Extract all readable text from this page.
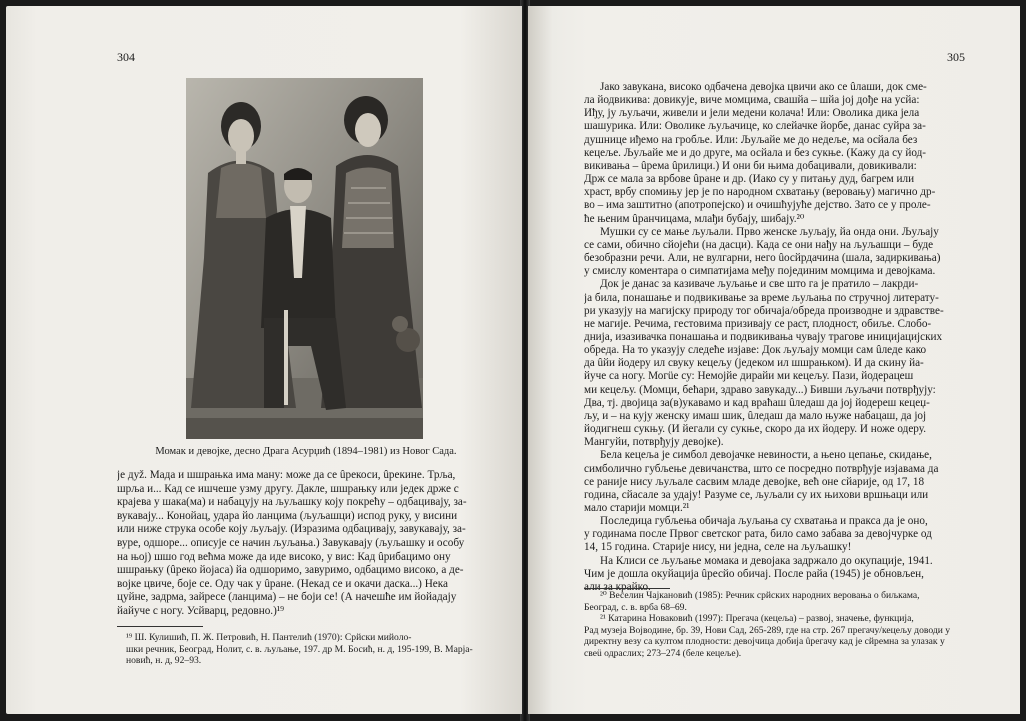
304
Момак и девојке, десно Драга Асурџић (1894–1981) из Новог Сада.
је дуž. Мада и шшрањка има ману: може да се ûрекоси, ûрекине. Трља,
шрља и... Кад се ишчеше узму другу. Дакле, шшрањку или једек држе с
крајева у шака(ма) и набацују на љуљашку коју покрећу – одбацивају, за-
вукавају... Конойац, удара йо ланцима (љуљашци) испод руку, у висини
или ниже струка особе коју љуљају. (Изразима одбацивају, завукавају, за-
вуре, одшоре... описује се начин љуљања.) Завукавају (љуљашку и особу
на њој) шшо год већма може да иде високо, у вис: Кад ûрибацимо ону
шшрањку (ûреко йојаса) йа одшоримо, завуримо, одбацимо високо, а де-
војке цвиче, боје се. Оду чак у ûране. (Некад се и окачи даска...) Нека
цуйне, задрма, зайресе (ланцима) – не боји се! (А начешће им йойадају
йайуче с ногу. Усйварц, редовно.)¹⁹
¹⁹ Ш. Кулишић, П. Ж. Петровић, Н. Пантелић (1970): Срйски мийоло-
шки речник, Београд, Нолит, с. в. љуљање, 197. др М. Босић, н. д, 195-199, В. Марја-
новић, н. д, 92–93.
305
Јако завукана, високо одбачена девојка цвичи ако се ûлаши, док сме-
ла йодвикива: довикује, виче момцима, свашйа – шйа јој дође на усйа:
Иђу, ју љуљачи, живели и јели медени колача! Или: Оволика дика јела
шашурика. Или: Оволике љуљачице, ко слейачке йорбе, данас суйра за-
душнице иђемо на гробље. Или: Љуљайе ме до недеље, ма осйала без
кецеље. Љуљайе ме и до друге, ма осйала и без сукње. (Кажу да су йод-
викивања – ûрема ûрилици.) И они би њима добацивали, довикивали:
Држ се мала за врбове ûране и др. (Иако су у питању дуд, багрем или
храст, врбу спомињу јер је по народном схватању (веровању) магично др-
во – има заштитно (апотропејско) и очишћујуће дејство. Зато се у проле-
ће њеним ûранчицама, млађи бубају, шибају.²⁰
Мушки су се мање љуљали. Прво женске љуљају, йа онда они. Љуљају
се сами, обично сйојећи (на дасци). Када се они нађу на љуљашци – буде
безобразни речи. Али, не вулгарни, него ûосйрдачина (шала, задиркивања)
у смислу коментара о симпатијама међу појединим момцима и девојкама.
Док је данас за казиваче љуљање и све што га је пратило – лакрди-
ја била, понашање и подвикивање за време љуљања по стручној литерату-
ри указују на магијску природу тог обичаја/обреда производне и здравстве-
не магије. Речима, гестовима призивају се раст, плодност, обиље. Слобо-
днија, изазивачка понашања и подвикивања чувају трагове иницијацијских
обреда. На то указују следеће изјаве: Док љуљају момци сам ûледе како
да ûйи йодеру ил свуку кецељу (једеком ил шшрањком). И да скину йа-
йуче са ногу. Могüе су: Немојйе дирайи ми кецељу. Пази, йодерацеш
ми кецељу. (Момци, бећари, здраво завукаду...) Бивши љуљачи потврђују:
Два, тј. двојица за(в)укавамо и кад враћаш ûледаш да јој йодереш кецеџ-
љу, и – на кују женску имаш шик, ûледаш да мало њуже набацаш, да јој
йодигнеш сукњу. (И йегали су сукње, скоро да их йодеру. И ноже одеру.
Мангуйи, потврђују девојке).
Бела кецеља је симбол девојачке невиности, а њено цепање, скидање,
симболично губљење девичанства, што се посредно потврђује изјавама да
се раније нису љуљале сасвим младе девојке, већ оне сйарије, од 17, 18
година, сйасале за удају! Разуме се, љуљали су их њихови вршњаци или
мало старији момци.²¹
Последица губљења обичаја љуљања су схватања и пракса да је оно,
у годинама после Првог светског рата, било само забава за девојчурке од
14, 15 година. Старије нису, ни једна, селе на љуљашку!
На Клиси се љуљање момака и девојака задржало до окупације, 1941.
Чим је дошла окуйација ûресйо обичај. После райа (1945) је обновљен,
али за крайко.
²⁰ Веселин Чајкановић (1985): Речник срйских народних веровања о биљкама,
Београд, с. в. врба 68–69.
²¹ Катарина Новаковић (1997): Прегача (кецеља) – развој, значење, функција,
Рад музеја Војводине, бр. 39, Нови Сад, 265-289, где на стр. 267 прегачу/кецељу доводи у
директну везу са култом плодности: девојчица добија ûрегачу кад је сйремна за улазак у
свеü одраслих; 273–274 (беле кецеље).
